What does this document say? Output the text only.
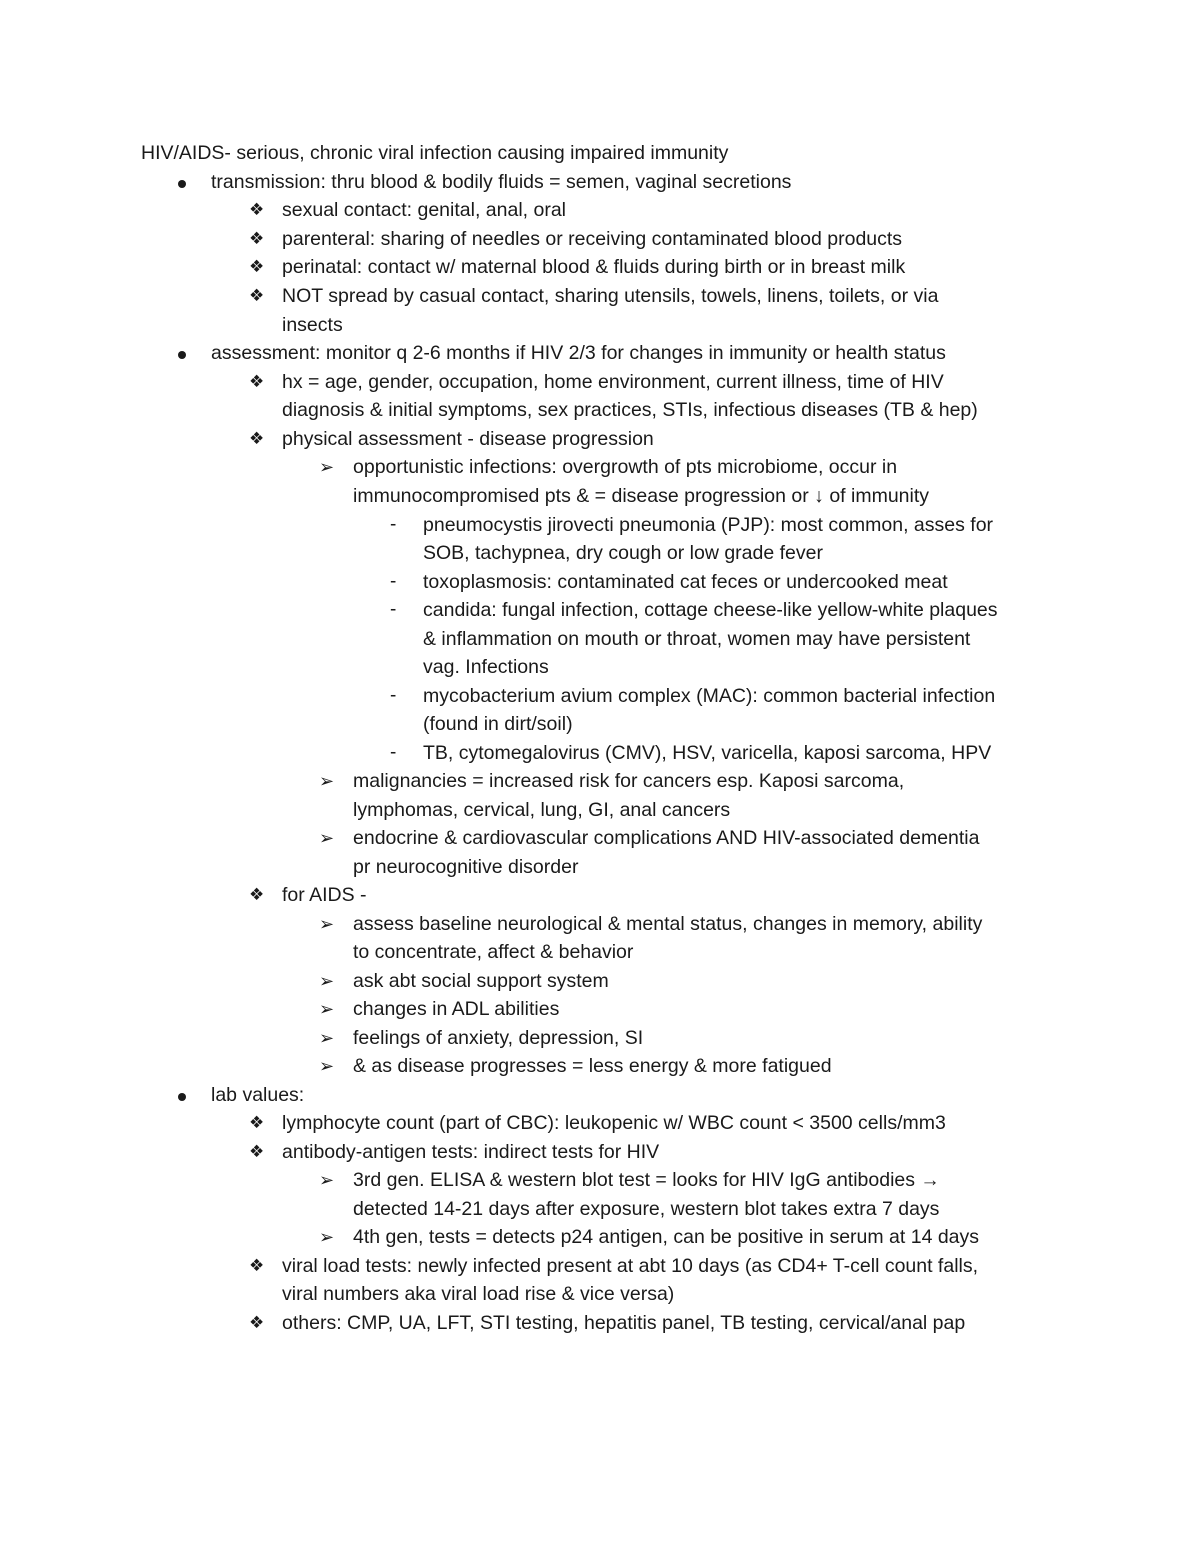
HIV/AIDS- serious, chronic viral infection causing impaired immunity
transmission: thru blood & bodily fluids = semen, vaginal secretions
❖ sexual contact: genital, anal, oral
❖ parenteral: sharing of needles or receiving contaminated blood products
❖ perinatal: contact w/ maternal blood & fluids during birth or in breast milk
❖ NOT spread by casual contact, sharing utensils, towels, linens, toilets, or via
insects
assessment: monitor q 2-6 months if HIV 2/3 for changes in immunity or health status
❖ hx = age, gender, occupation, home environment, current illness, time of HIV
diagnosis & initial symptoms, sex practices, STIs, infectious diseases (TB & hep)
❖ physical assessment - disease progression
➢ opportunistic infections: overgrowth of pts microbiome, occur in
immunocompromised pts & = disease progression or ↓ of immunity
- pneumocystis jirovecti pneumonia (PJP): most common, asses for
SOB, tachypnea, dry cough or low grade fever
- toxoplasmosis: contaminated cat feces or undercooked meat
- candida: fungal infection, cottage cheese-like yellow-white plaques
& inflammation on mouth or throat, women may have persistent
vag. Infections
- mycobacterium avium complex (MAC): common bacterial infection
(found in dirt/soil)
- TB, cytomegalovirus (CMV), HSV, varicella, kaposi sarcoma, HPV
➢ malignancies = increased risk for cancers esp. Kaposi sarcoma,
lymphomas, cervical, lung, GI, anal cancers
➢ endocrine & cardiovascular complications AND HIV-associated dementia
pr neurocognitive disorder
❖ for AIDS -
➢ assess baseline neurological & mental status, changes in memory, ability
to concentrate, affect & behavior
➢ ask abt social support system
➢ changes in ADL abilities
➢ feelings of anxiety, depression, SI
➢ & as disease progresses = less energy & more fatigued
lab values:
❖ lymphocyte count (part of CBC): leukopenic w/ WBC count < 3500 cells/mm3
❖ antibody-antigen tests: indirect tests for HIV
➢ 3rd gen. ELISA & western blot test = looks for HIV IgG antibodies →
detected 14-21 days after exposure, western blot takes extra 7 days
➢ 4th gen, tests = detects p24 antigen, can be positive in serum at 14 days
❖ viral load tests: newly infected present at abt 10 days (as CD4+ T-cell count falls,
viral numbers aka viral load rise & vice versa)
❖ others: CMP, UA, LFT, STI testing, hepatitis panel, TB testing, cervical/anal pap
